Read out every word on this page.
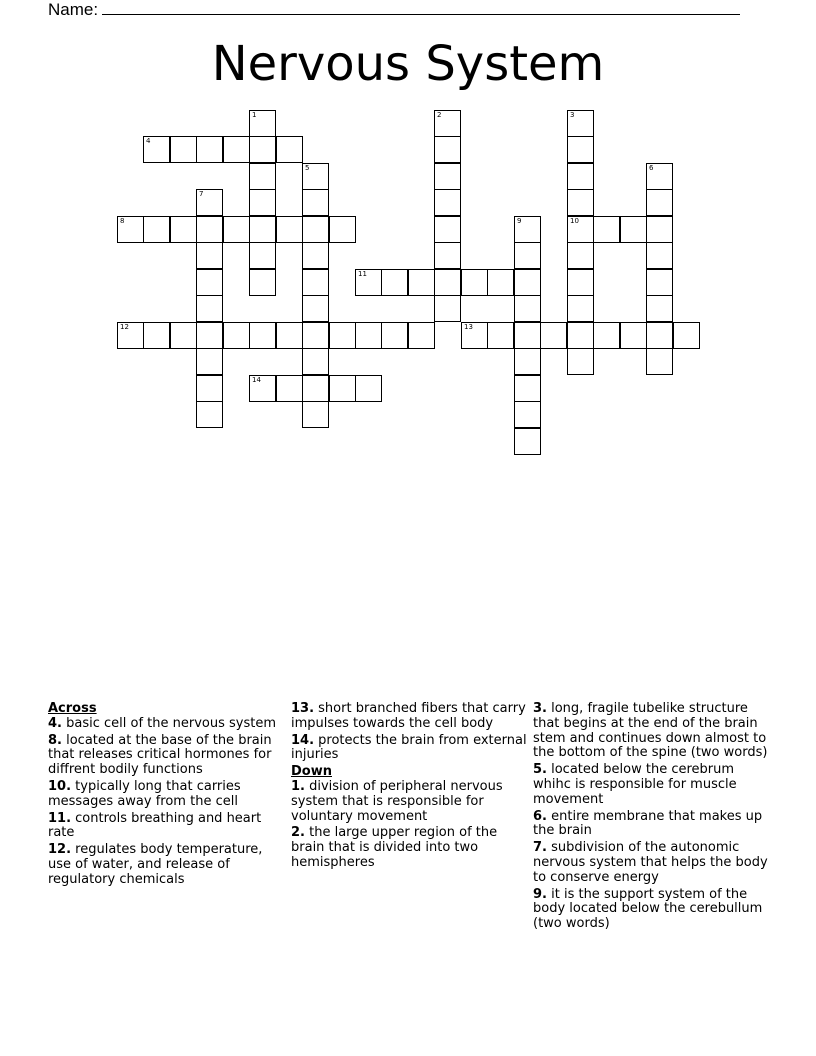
Name:
Nervous System
1	2	3
10
4
5	6
7
8	9
11
12	13
14
Across
4. basic cell of the nervous system
8. located at the base of the brain that releases critical hormones for diffrent bodily functions
10. typically long that carries messages away from the cell
11. controls breathing and heart rate
12. regulates body temperature, use of water, and release of regulatory chemicals
13. short branched fibers that carry impulses towards the cell body
14. protects the brain from external injuries
Down
1. division of peripheral nervous system that is responsible for voluntary movement
2. the large upper region of the brain that is divided into two hemispheres
3. long, fragile tubelike structure that begins at the end of the brain stem and continues down almost to the bottom of the spine (two words)
5. located below the cerebrum whihc is responsible for muscle movement
6. entire membrane that makes up the brain
7. subdivision of the autonomic nervous system that helps the body to conserve energy
9. it is the support system of the body located below the cerebullum (two words)
